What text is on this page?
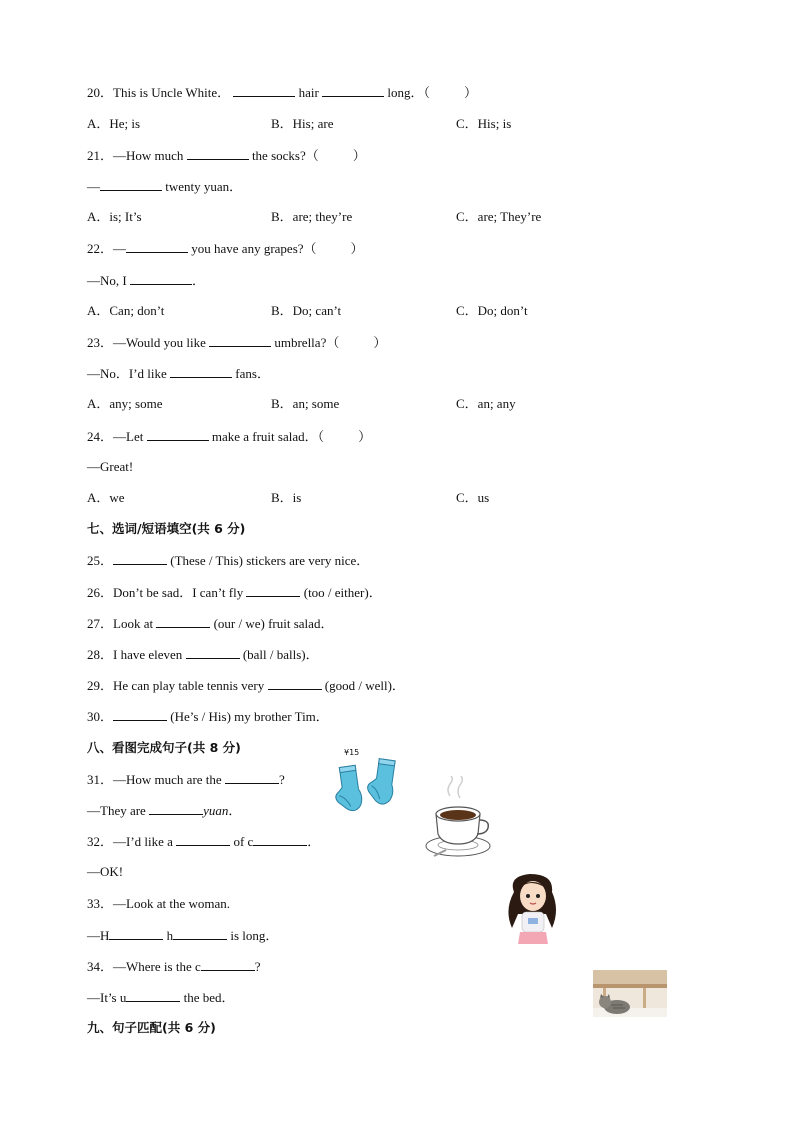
20．This is Uncle White．	hair	long．（	）
A．He; is	B．His; are	C．His; is
21．—How much	the socks?（	）
—	twenty yuan．
A．is; It’s	B．are; they’re	C．are; They’re
22．—	you have any grapes?（	）
—No, I	．
A．Can; don’t	B．Do; can’t	C．Do; don’t
23．—Would you like	umbrella?（	）
—No．I’d like	fans．
A．any; some	B．an; some	C．an; any
24．—Let	make a fruit salad．（	）
—Great!
A．we	B．is	C．us
七、选词/短语填空(共 6 分)
25．	(These / This) stickers are very nice．
26．Don’t be sad．I can’t fly	(too / either)．
27．Look at	(our / we) fruit salad．
28．I have eleven	(ball / balls)．
29．He can play table tennis very	(good / well)．
30．	(He’s / His) my brother Tim．
八、看图完成句子(共 8 分)
31．—How much are the	?
—They are	yuan．
32．—I’d like a	of c	．
—OK!
33．—Look at the woman.
—H	h	is long．
34．—Where is the c	?
—It’s u	the bed．
九、句子匹配(共 6 分)
¥15
